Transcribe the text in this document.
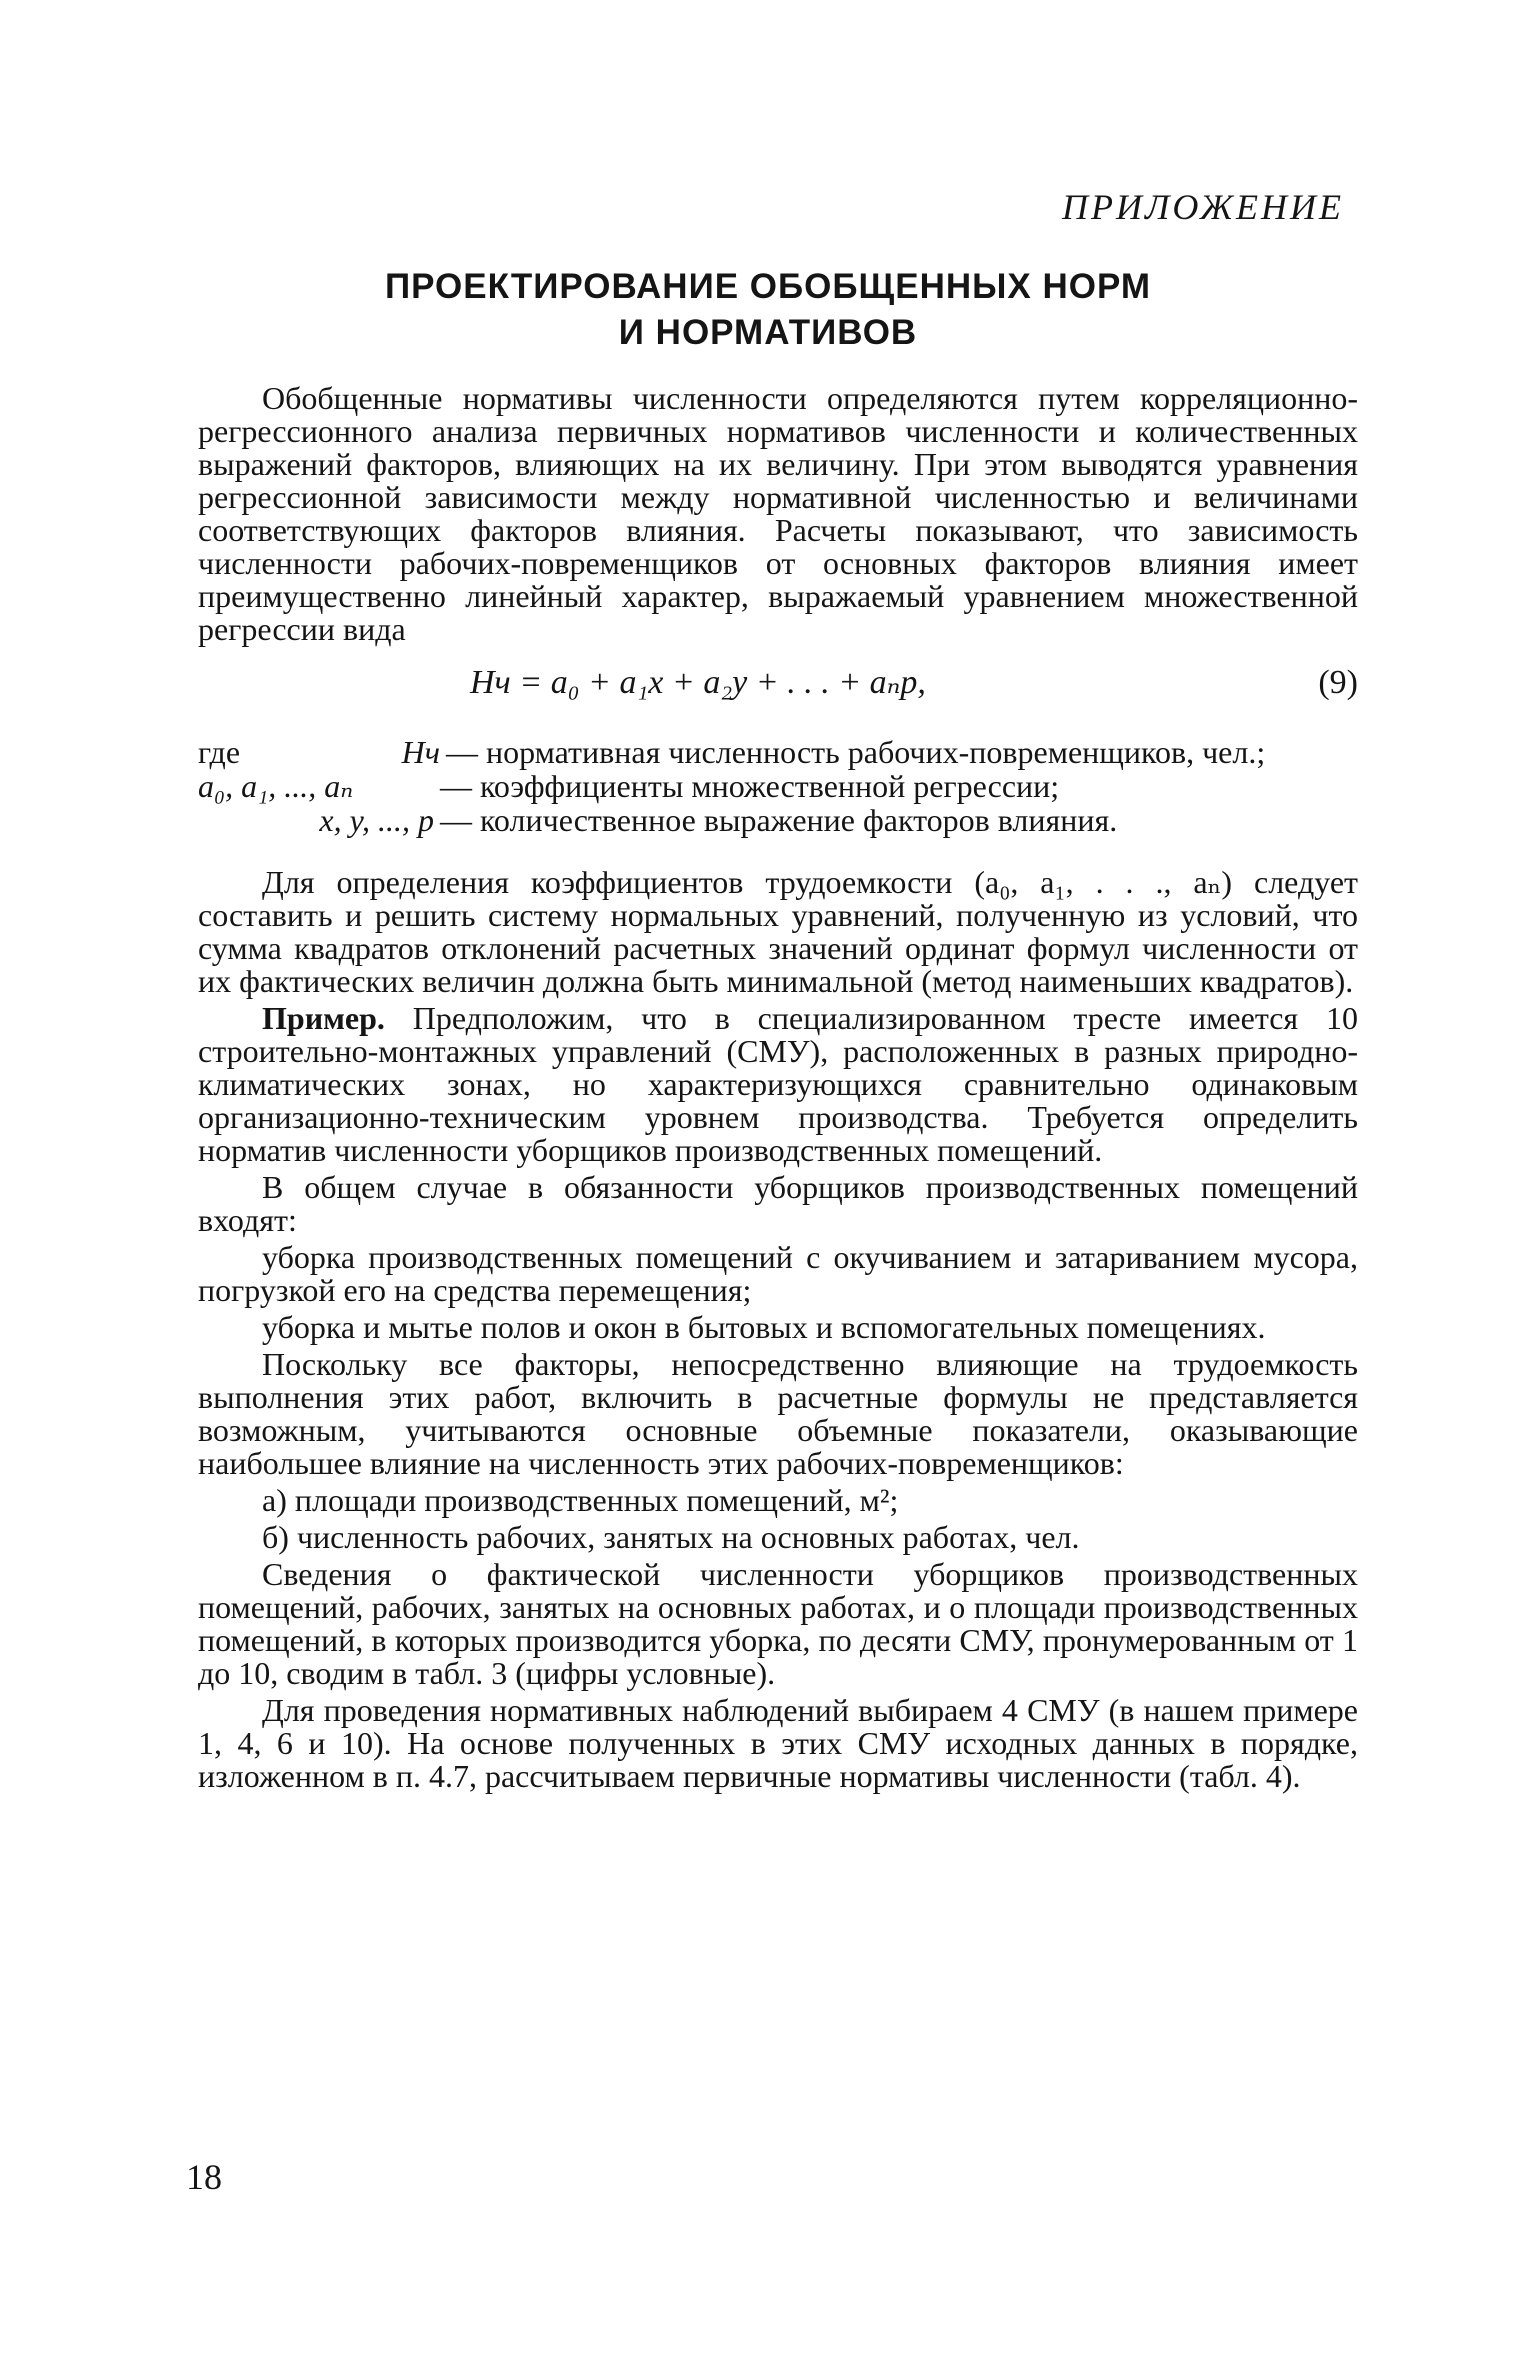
ПРИЛОЖЕНИЕ
ПРОЕКТИРОВАНИЕ ОБОБЩЕННЫХ НОРМ
И НОРМАТИВОВ

Обобщенные нормативы численности определяются путем корреляционно-регрессионного анализа первичных нормативов численности и количественных выражений факторов, влияющих на их величину. При этом выводятся уравнения регрессионной зависимости между нормативной численностью и величинами соответствующих факторов влияния. Расчеты показывают, что зависимость численности рабочих-повременщиков от основных факторов влияния имеет преимущественно линейный характер, выражаемый уравнением множественной регрессии вида

Hч = a₀ + a₁x + a₂y + . . . + aₙp,	(9)
где	Hч — нормативная численность рабочих-повременщиков, чел.;
a₀, a₁, ..., aₙ	— коэффициенты множественной регрессии;
x, y, ..., p — количественное выражение факторов влияния.

Для определения коэффициентов трудоемкости (a₀, a₁, . . ., aₙ) следует составить и решить систему нормальных уравнений, полученную из условий, что сумма квадратов отклонений расчетных значений ординат формул численности от их фактических величин должна быть минимальной (метод наименьших квадратов).

Пример. Предположим, что в специализированном тресте имеется 10 строительно-монтажных управлений (СМУ), расположенных в разных природно-климатических зонах, но характеризующихся сравнительно одинаковым организационно-техническим уровнем производства. Требуется определить норматив численности уборщиков производственных помещений.

В общем случае в обязанности уборщиков производственных помещений входят:

уборка производственных помещений с окучиванием и затариванием мусора, погрузкой его на средства перемещения;

уборка и мытье полов и окон в бытовых и вспомогательных помещениях.

Поскольку все факторы, непосредственно влияющие на трудоемкость выполнения этих работ, включить в расчетные формулы не представляется возможным, учитываются основные объемные показатели, оказывающие наибольшее влияние на численность этих рабочих-повременщиков:

а) площади производственных помещений, м²;

б) численность рабочих, занятых на основных работах, чел.

Сведения о фактической численности уборщиков производственных помещений, рабочих, занятых на основных работах, и о площади производственных помещений, в которых производится уборка, по десяти СМУ, пронумерованным от 1 до 10, сводим в табл. 3 (цифры условные).

Для проведения нормативных наблюдений выбираем 4 СМУ (в нашем примере 1, 4, 6 и 10). На основе полученных в этих СМУ исходных данных в порядке, изложенном в п. 4.7, рассчитываем первичные нормативы численности (табл. 4).

18
